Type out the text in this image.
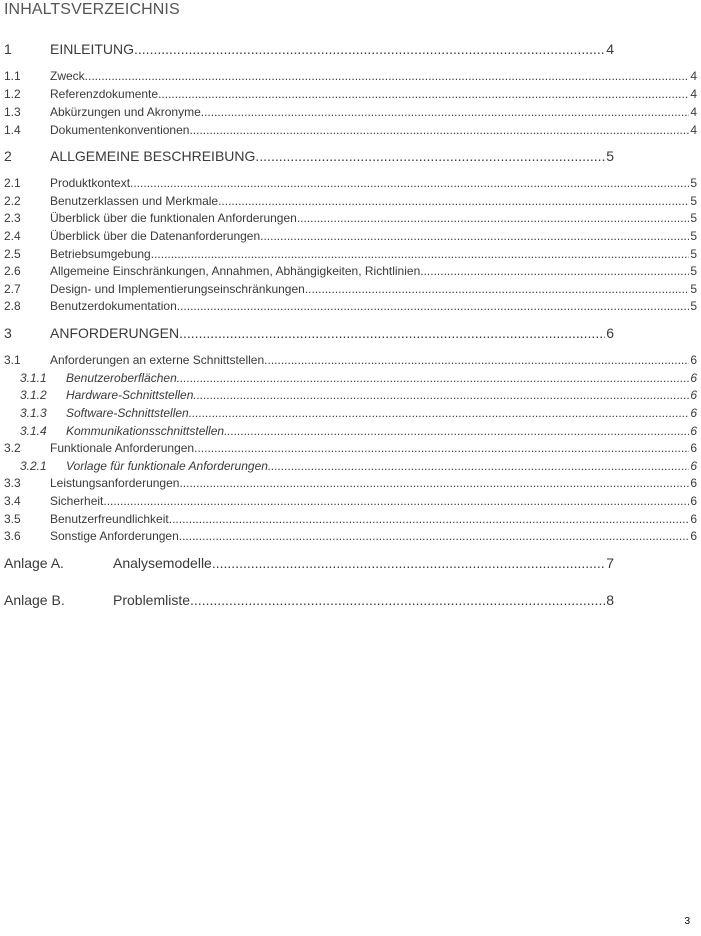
INHALTSVERZEICHNIS
1	EINLEITUNG .....	4
1.1	Zweck .....	4
1.2	Referenzdokumente .....	4
1.3	Abkürzungen und Akronyme .....	4
1.4	Dokumentenkonventionen .....	4
2	ALLGEMEINE BESCHREIBUNG .....	5
2.1	Produktkontext .....	5
2.2	Benutzerklassen und Merkmale .....	5
2.3	Überblick über die funktionalen Anforderungen .....	5
2.4	Überblick über die Datenanforderungen .....	5
2.5	Betriebsumgebung .....	5
2.6	Allgemeine Einschränkungen, Annahmen, Abhängigkeiten, Richtlinien .....	5
2.7	Design- und Implementierungseinschränkungen .....	5
2.8	Benutzerdokumentation .....	5
3	ANFORDERUNGEN .....	6
3.1	Anforderungen an externe Schnittstellen .....	6
3.1.1	Benutzeroberflächen .....	6
3.1.2	Hardware-Schnittstellen .....	6
3.1.3	Software-Schnittstellen .....	6
3.1.4	Kommunikationsschnittstellen .....	6
3.2	Funktionale Anforderungen .....	6
3.2.1	Vorlage für funktionale Anforderungen .....	6
3.3	Leistungsanforderungen .....	6
3.4	Sicherheit .....	6
3.5	Benutzerfreundlichkeit .....	6
3.6	Sonstige Anforderungen .....	6
Anlage A.	Analysemodelle .....	7
Anlage B.	Problemliste .....	8
3
